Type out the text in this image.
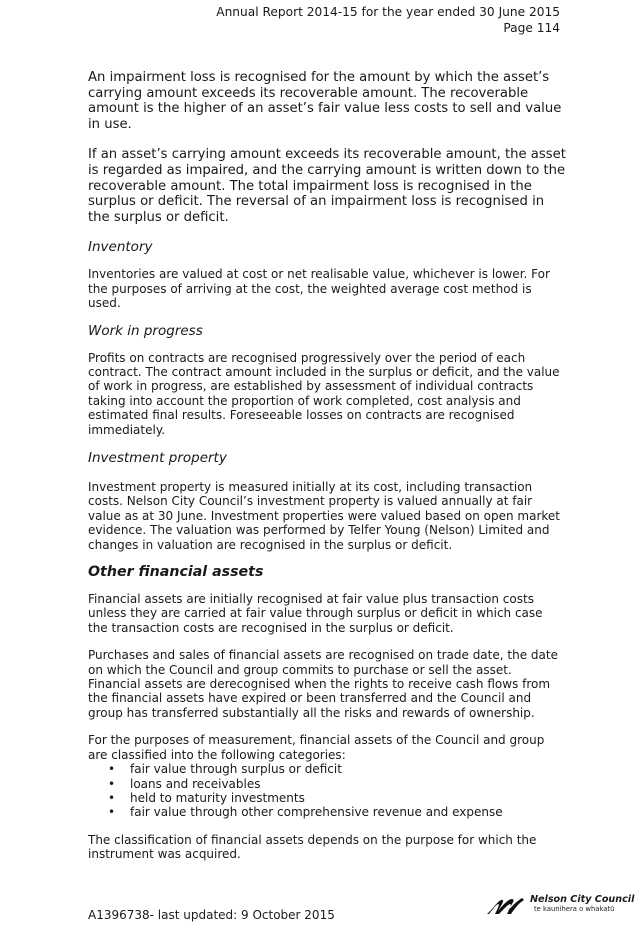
Annual Report 2014-15 for the year ended 30 June 2015
Page 114

An impairment loss is recognised for the amount by which the asset’s carrying amount exceeds its recoverable amount. The recoverable amount is the higher of an asset’s fair value less costs to sell and value in use.

If an asset’s carrying amount exceeds its recoverable amount, the asset is regarded as impaired, and the carrying amount is written down to the recoverable amount. The total impairment loss is recognised in the surplus or deficit. The reversal of an impairment loss is recognised in the surplus or deficit.

Inventory

Inventories are valued at cost or net realisable value, whichever is lower. For the purposes of arriving at the cost, the weighted average cost method is used.

Work in progress

Profits on contracts are recognised progressively over the period of each contract. The contract amount included in the surplus or deficit, and the value of work in progress, are established by assessment of individual contracts taking into account the proportion of work completed, cost analysis and estimated final results. Foreseeable losses on contracts are recognised immediately.

Investment property

Investment property is measured initially at its cost, including transaction costs. Nelson City Council’s investment property is valued annually at fair value as at 30 June. Investment properties were valued based on open market evidence. The valuation was performed by Telfer Young (Nelson) Limited and changes in valuation are recognised in the surplus or deficit.

Other financial assets

Financial assets are initially recognised at fair value plus transaction costs unless they are carried at fair value through surplus or deficit in which case the transaction costs are recognised in the surplus or deficit.

Purchases and sales of financial assets are recognised on trade date, the date on which the Council and group commits to purchase or sell the asset. Financial assets are derecognised when the rights to receive cash flows from the financial assets have expired or been transferred and the Council and group has transferred substantially all the risks and rewards of ownership.

For the purposes of measurement, financial assets of the Council and group are classified into the following categories:

• fair value through surplus or deficit
• loans and receivables
• held to maturity investments
• fair value through other comprehensive revenue and expense

The classification of financial assets depends on the purpose for which the instrument was acquired.

A1396738- last updated: 9 October 2015
Nelson City Council
te kaunihera o whakatū
